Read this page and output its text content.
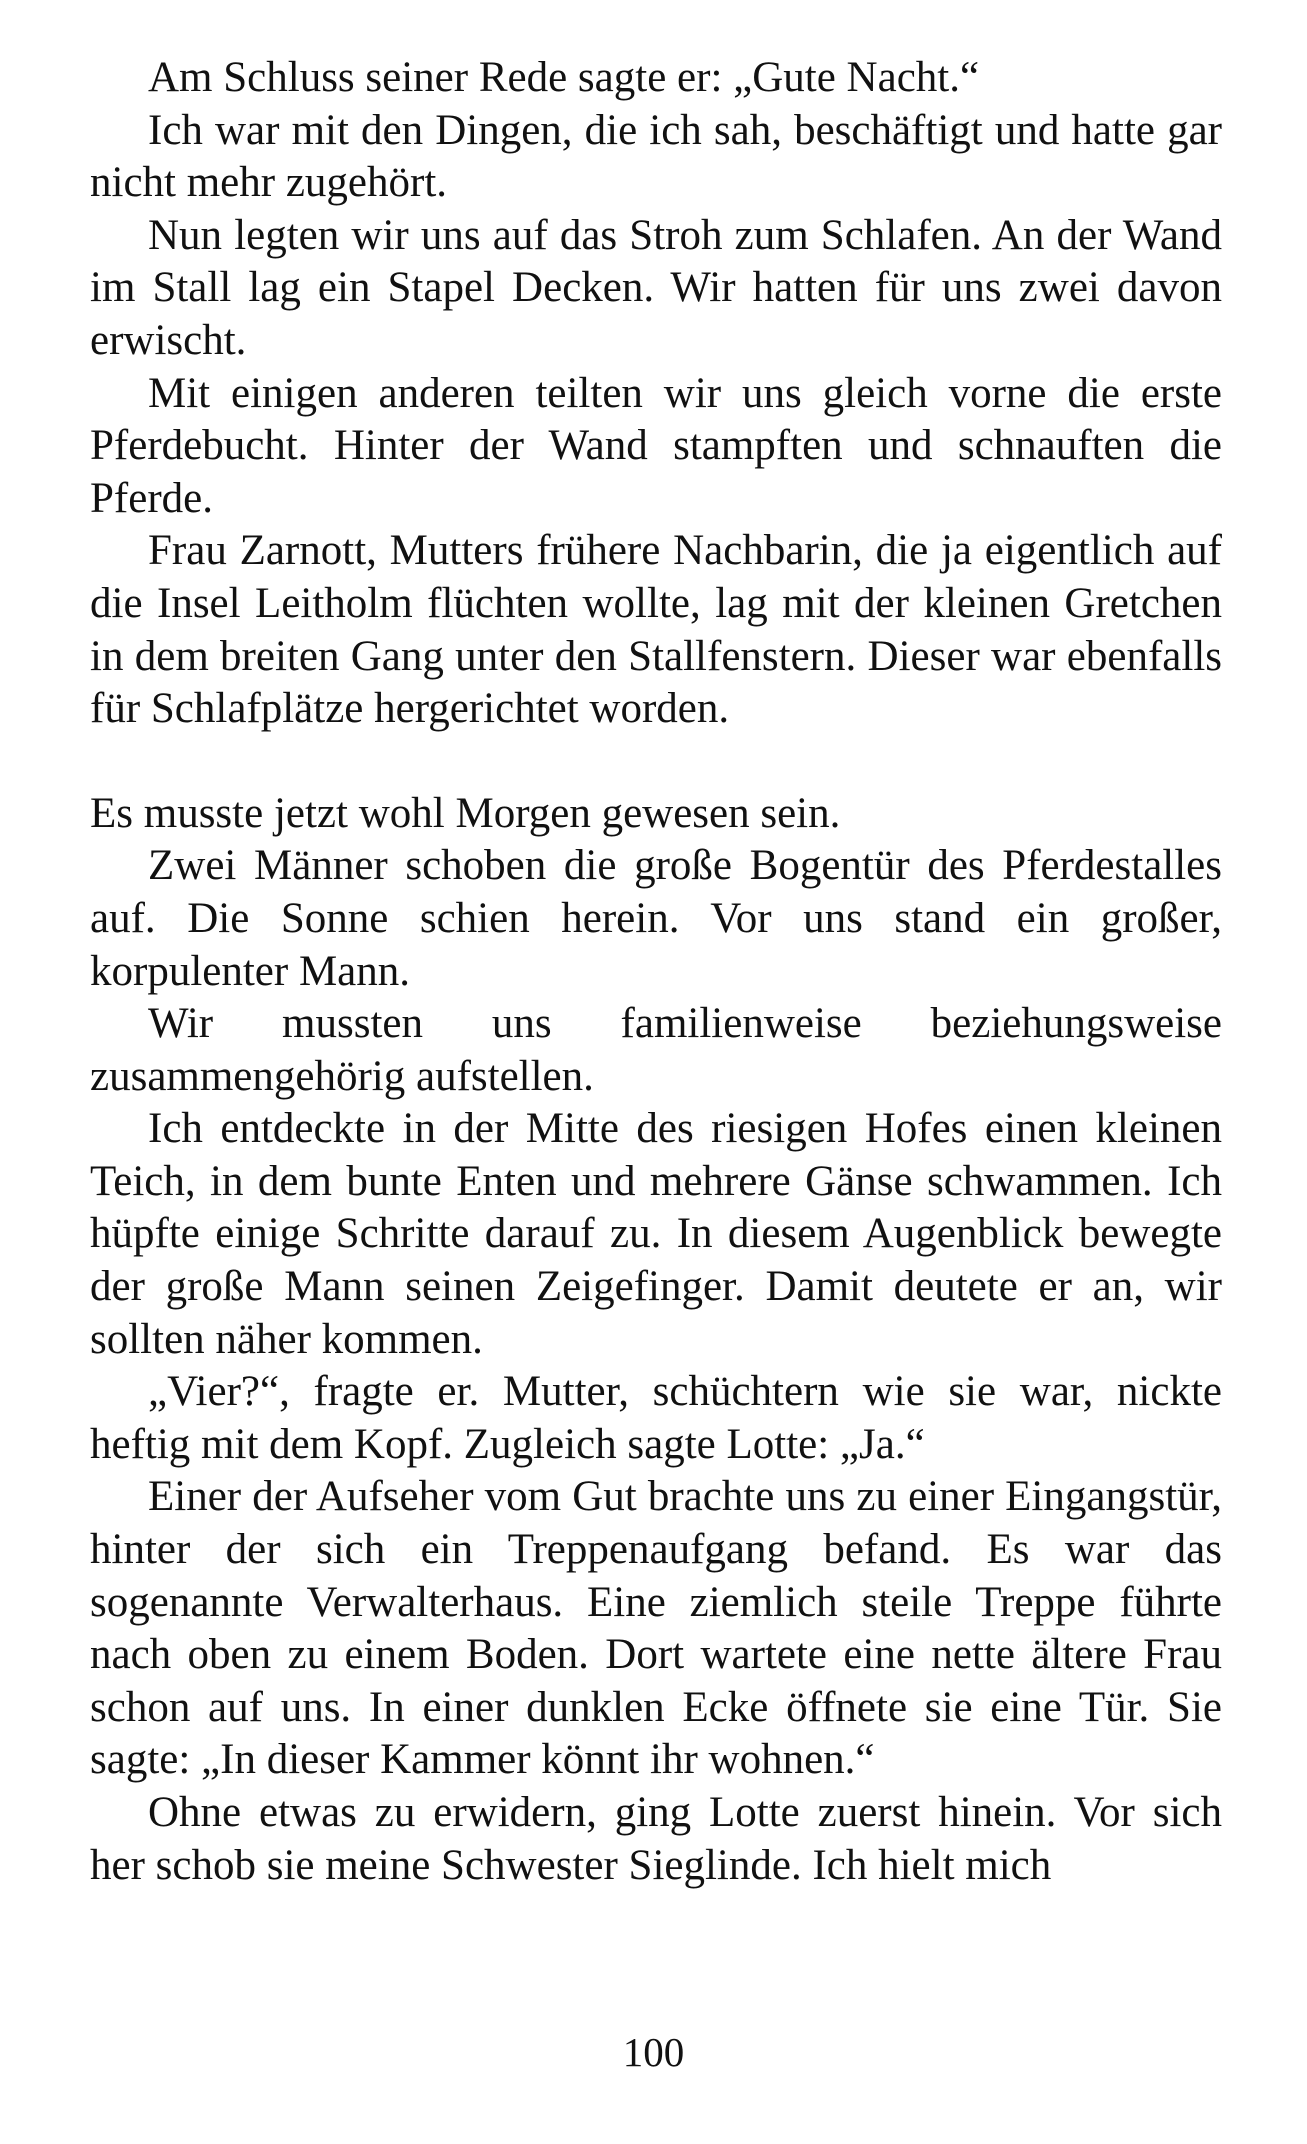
Am Schluss seiner Rede sagte er: „Gute Nacht.“

Ich war mit den Dingen, die ich sah, beschäftigt und hatte gar nicht mehr zugehört.

Nun legten wir uns auf das Stroh zum Schlafen. An der Wand im Stall lag ein Stapel Decken. Wir hatten für uns zwei davon erwischt.

Mit einigen anderen teilten wir uns gleich vorne die erste Pferdebucht. Hinter der Wand stampften und schnauften die Pferde.

Frau Zarnott, Mutters frühere Nachbarin, die ja eigentlich auf die Insel Leitholm flüchten wollte, lag mit der kleinen Gretchen in dem breiten Gang unter den Stallfenstern. Dieser war ebenfalls für Schlafplätze hergerichtet worden.

Es musste jetzt wohl Morgen gewesen sein.

Zwei Männer schoben die große Bogentür des Pferdestalles auf. Die Sonne schien herein. Vor uns stand ein großer, korpulenter Mann.

Wir mussten uns familienweise beziehungsweise zusammengehörig aufstellen.

Ich entdeckte in der Mitte des riesigen Hofes einen kleinen Teich, in dem bunte Enten und mehrere Gänse schwammen. Ich hüpfte einige Schritte darauf zu. In diesem Augenblick bewegte der große Mann seinen Zeigefinger. Damit deutete er an, wir sollten näher kommen.

„Vier?“, fragte er. Mutter, schüchtern wie sie war, nickte heftig mit dem Kopf. Zugleich sagte Lotte: „Ja.“

Einer der Aufseher vom Gut brachte uns zu einer Eingangstür, hinter der sich ein Treppenaufgang befand. Es war das sogenannte Verwalterhaus. Eine ziemlich steile Treppe führte nach oben zu einem Boden. Dort wartete eine nette ältere Frau schon auf uns. In einer dunklen Ecke öffnete sie eine Tür. Sie sagte: „In dieser Kammer könnt ihr wohnen.“

Ohne etwas zu erwidern, ging Lotte zuerst hinein. Vor sich her schob sie meine Schwester Sieglinde. Ich hielt mich

100
